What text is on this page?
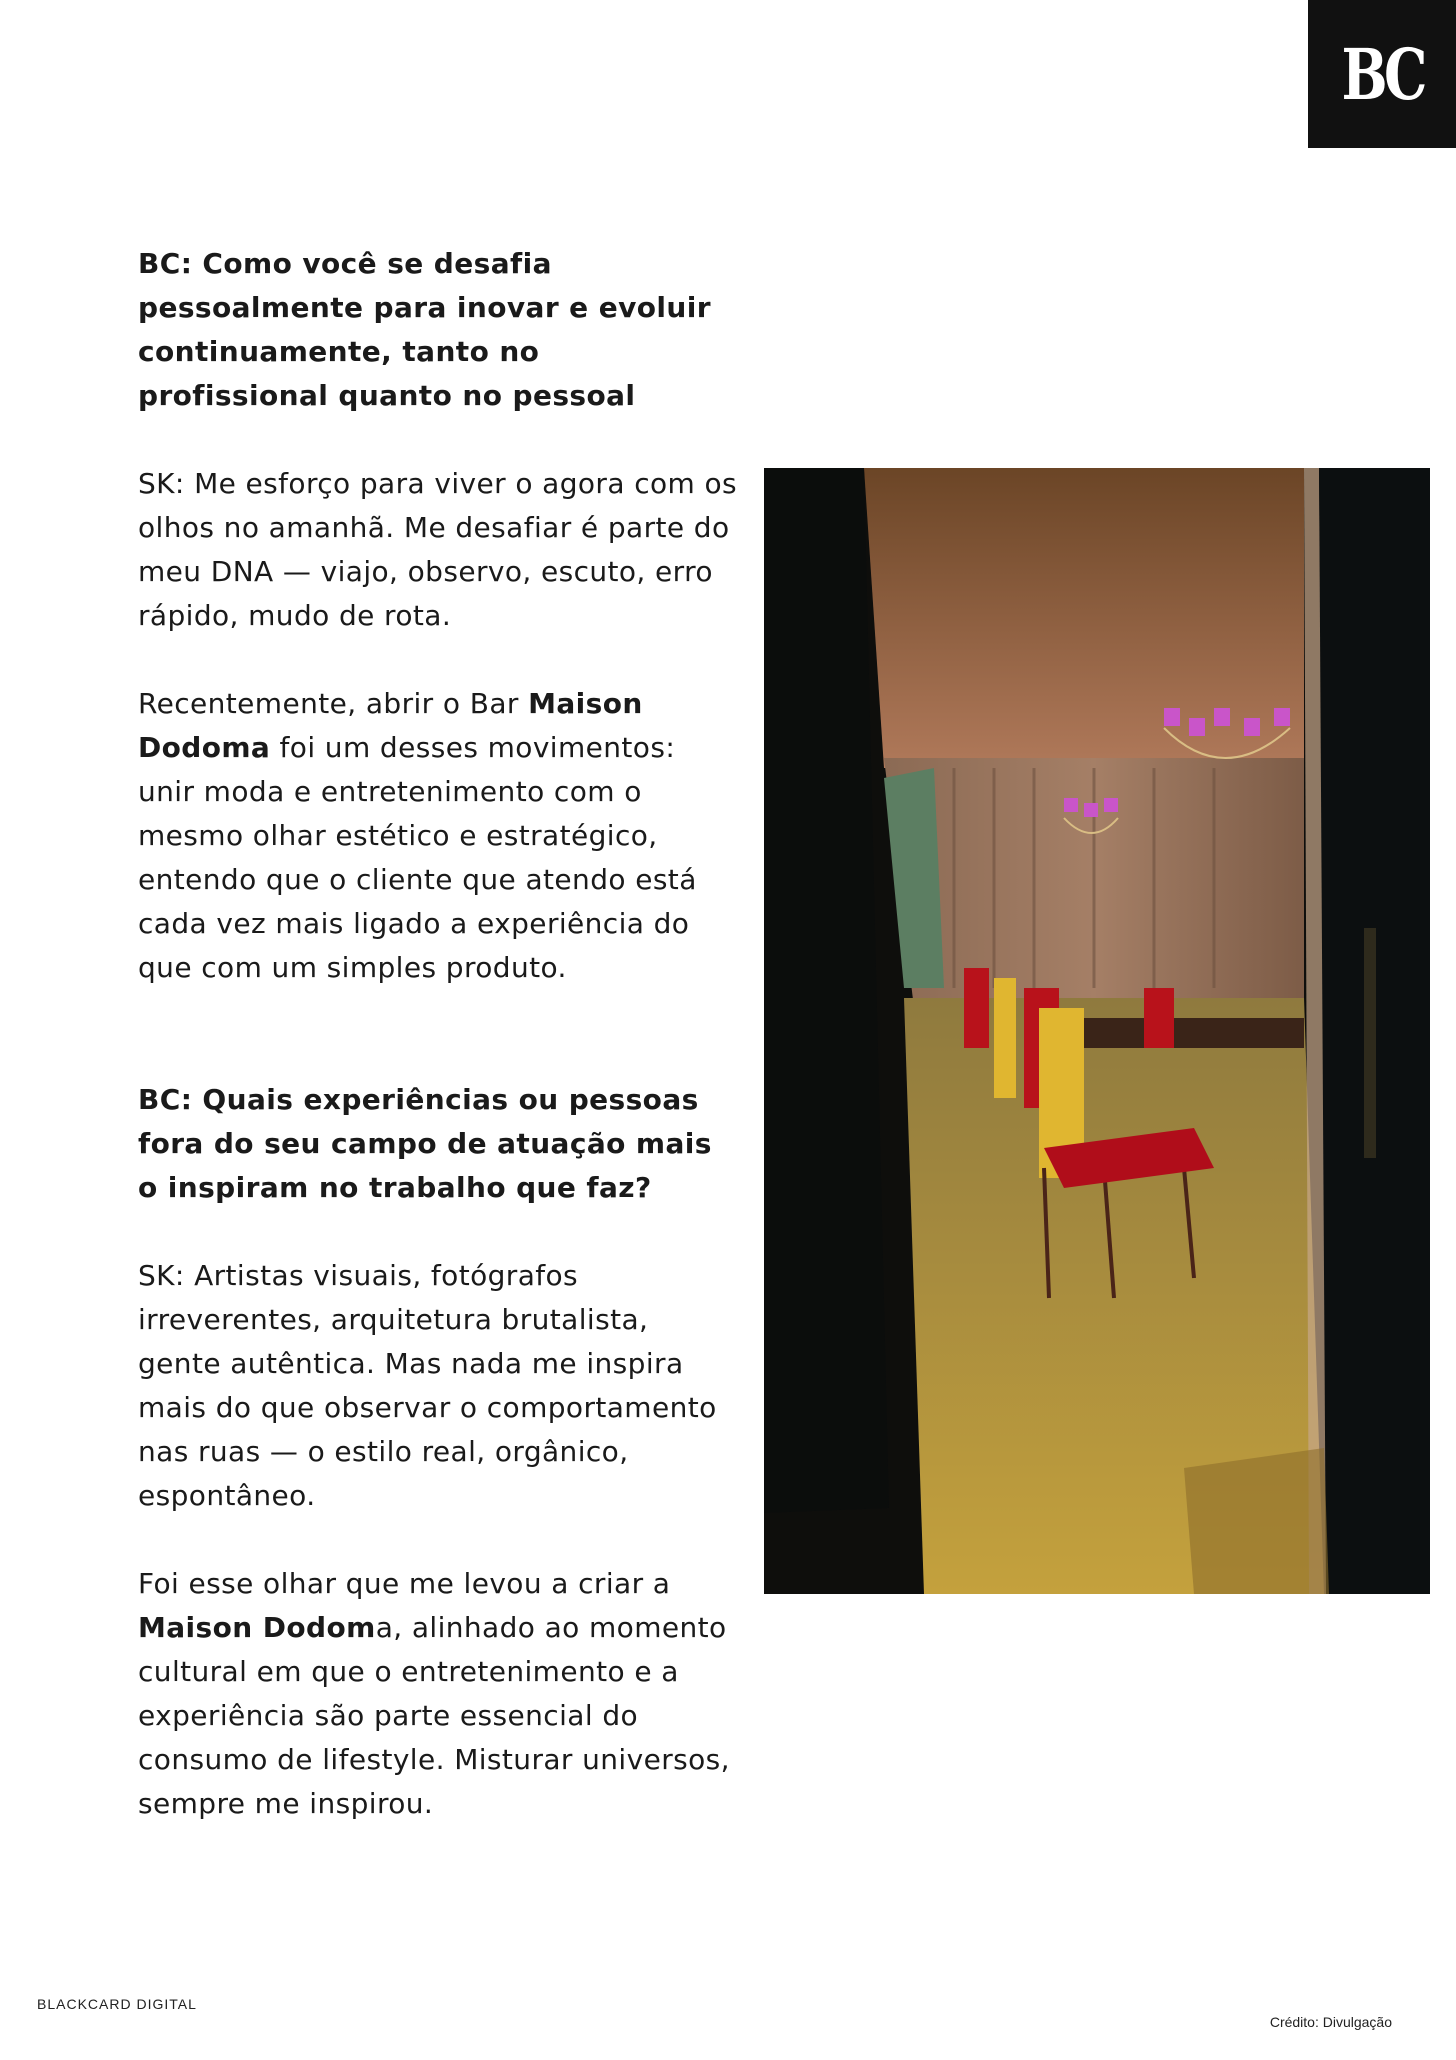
BC

BC: Como você se desafia pessoalmente para inovar e evoluir continuamente, tanto no profissional quanto no pessoal

SK: Me esforço para viver o agora com os olhos no amanhã. Me desafiar é parte do meu DNA — viajo, observo, escuto, erro rápido, mudo de rota.

Recentemente, abrir o Bar Maison Dodoma foi um desses movimentos: unir moda e entretenimento com o mesmo olhar estético e estratégico, entendo que o cliente que atendo está cada vez mais ligado a experiência do que com um simples produto.

BC: Quais experiências ou pessoas fora do seu campo de atuação mais o inspiram no trabalho que faz?

SK: Artistas visuais, fotógrafos irreverentes, arquitetura brutalista, gente autêntica. Mas nada me inspira mais do que observar o comportamento nas ruas — o estilo real, orgânico, espontâneo.

Foi esse olhar que me levou a criar a Maison Dodoma, alinhado ao momento cultural em que o entretenimento e a experiência são parte essencial do consumo de lifestyle. Misturar universos, sempre me inspirou.

BLACKCARD DIGITAL
Crédito: Divulgação
